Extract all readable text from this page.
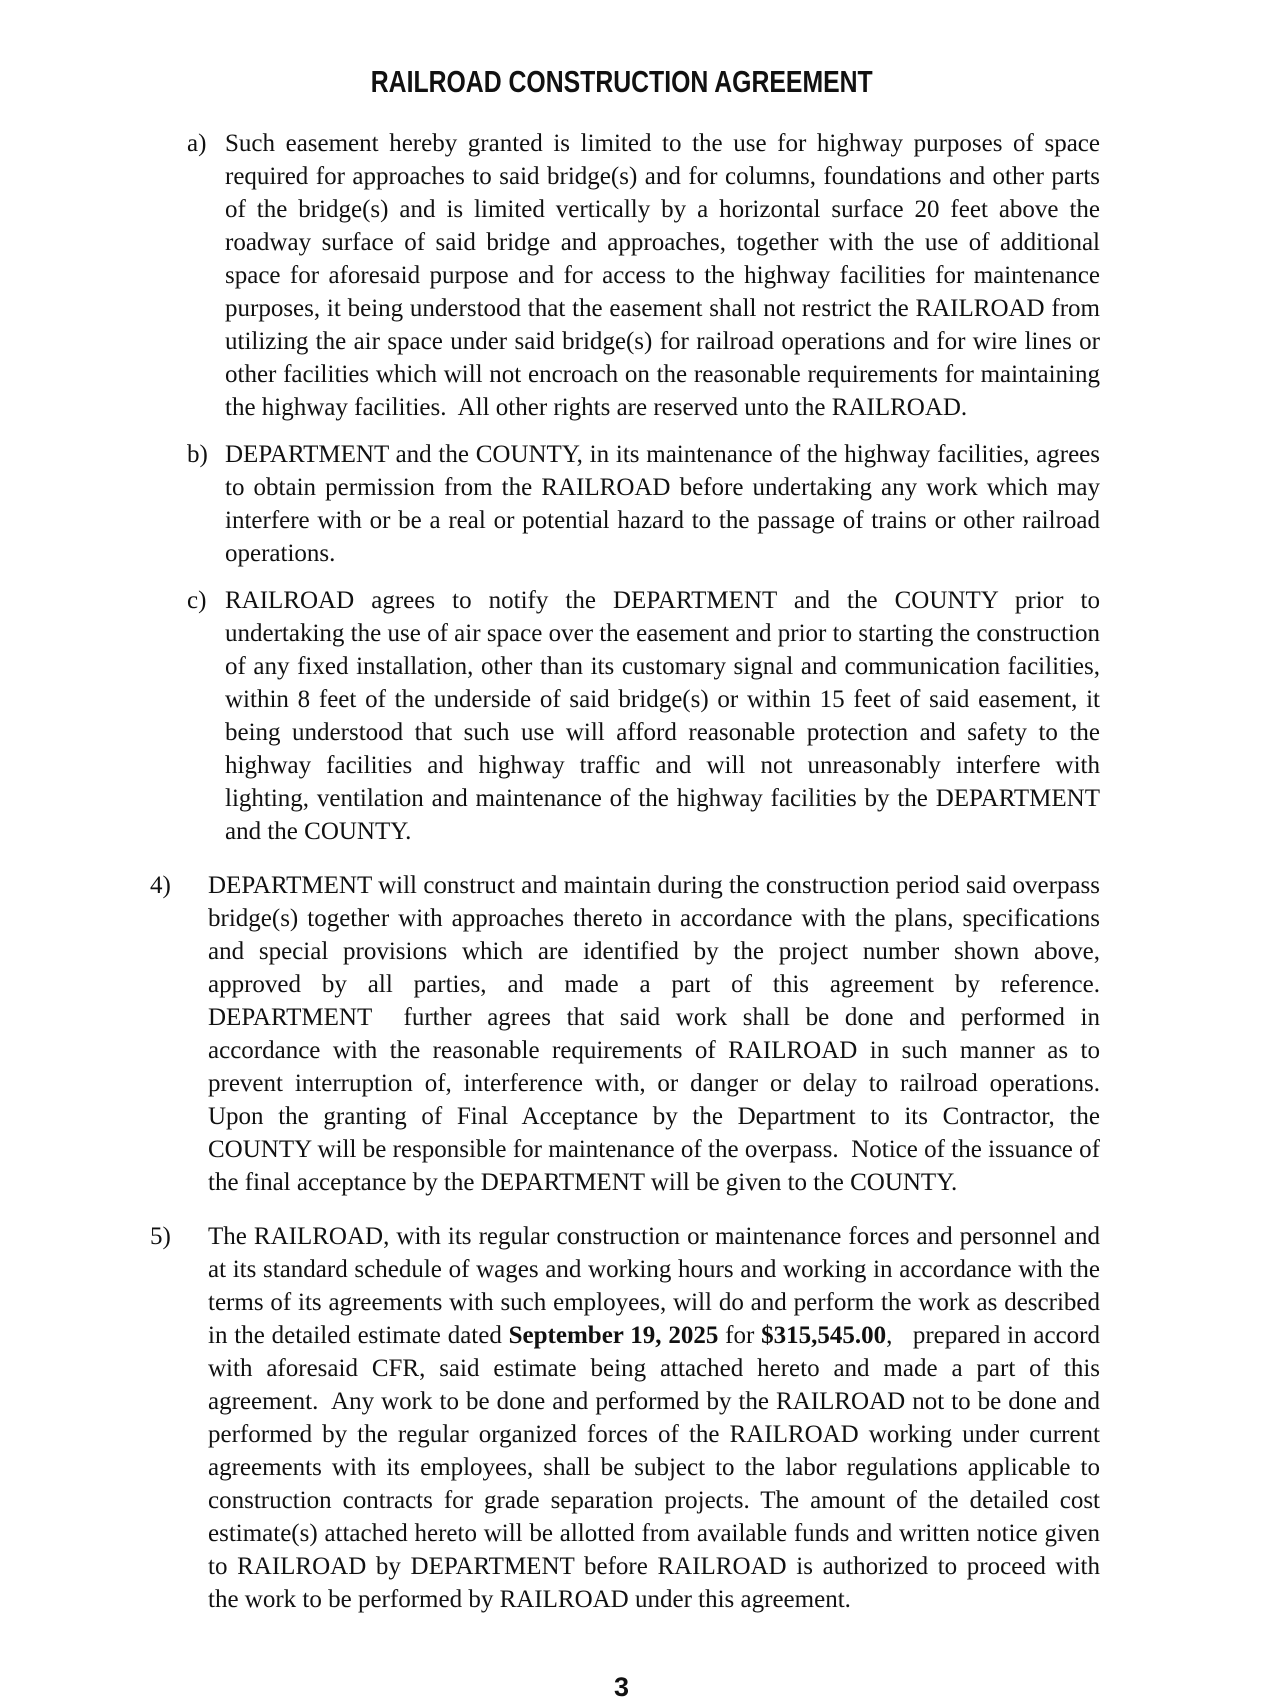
RAILROAD CONSTRUCTION AGREEMENT
a) Such easement hereby granted is limited to the use for highway purposes of space required for approaches to said bridge(s) and for columns, foundations and other parts of the bridge(s) and is limited vertically by a horizontal surface 20 feet above the roadway surface of said bridge and approaches, together with the use of additional space for aforesaid purpose and for access to the highway facilities for maintenance purposes, it being understood that the easement shall not restrict the RAILROAD from utilizing the air space under said bridge(s) for railroad operations and for wire lines or other facilities which will not encroach on the reasonable requirements for maintaining the highway facilities.  All other rights are reserved unto the RAILROAD.

b) DEPARTMENT and the COUNTY, in its maintenance of the highway facilities, agrees to obtain permission from the RAILROAD before undertaking any work which may interfere with or be a real or potential hazard to the passage of trains or other railroad operations.

c) RAILROAD agrees to notify the DEPARTMENT and the COUNTY prior to undertaking the use of air space over the easement and prior to starting the construction of any fixed installation, other than its customary signal and communication facilities, within 8 feet of the underside of said bridge(s) or within 15 feet of said easement, it being understood that such use will afford reasonable protection and safety to the highway facilities and highway traffic and will not unreasonably interfere with lighting, ventilation and maintenance of the highway facilities by the DEPARTMENT and the COUNTY.

4) DEPARTMENT will construct and maintain during the construction period said overpass bridge(s) together with approaches thereto in accordance with the plans, specifications and special provisions which are identified by the project number shown above, approved by all parties, and made a part of this agreement by reference. DEPARTMENT  further agrees that said work shall be done and performed in accordance with the reasonable requirements of RAILROAD in such manner as to prevent interruption of, interference with, or danger or delay to railroad operations. Upon the granting of Final Acceptance by the Department to its Contractor, the COUNTY will be responsible for maintenance of the overpass.  Notice of the issuance of the final acceptance by the DEPARTMENT will be given to the COUNTY.

5) The RAILROAD, with its regular construction or maintenance forces and personnel and at its standard schedule of wages and working hours and working in accordance with the terms of its agreements with such employees, will do and perform the work as described in the detailed estimate dated September 19, 2025 for $315,545.00,   prepared in accord with aforesaid CFR, said estimate being attached hereto and made a part of this agreement.  Any work to be done and performed by the RAILROAD not to be done and performed by the regular organized forces of the RAILROAD working under current agreements with its employees, shall be subject to the labor regulations applicable to construction contracts for grade separation projects. The amount of the detailed cost estimate(s) attached hereto will be allotted from available funds and written notice given to RAILROAD by DEPARTMENT before RAILROAD is authorized to proceed with the work to be performed by RAILROAD under this agreement.

3
